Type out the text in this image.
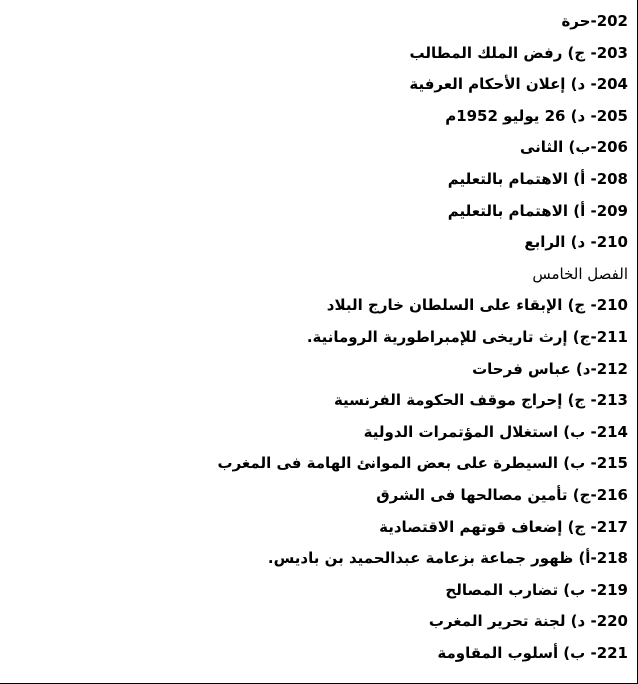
202-حرة
203- ج) رفض الملك المطالب
204- د) إعلان الأحكام العرفية
205- د) 26 يوليو 1952م
206-ب) الثانى
208- أ) الاهتمام بالتعليم
209- أ) الاهتمام بالتعليم
210- د) الرابع
الفصل الخامس
210- ج) الإبقاء على السلطان خارج البلاد
211-ج) إرث تاريخى للإمبراطورية الرومانية.
212-د) عباس فرحات
213- ج) إحراج موقف الحكومة الفرنسية
214- ب) استغلال المؤتمرات الدولية
215- ب) السيطرة على بعض الموانئ الهامة فى المغرب
216-ج) تأمين مصالحها فى الشرق
217- ج) إضعاف قوتهم الاقتصادية
218-أ) ظهور جماعة بزعامة عبدالحميد بن باديس.
219- ب) تضارب المصالح
220- د) لجنة تحرير المغرب
221- ب) أسلوب المقاومة
